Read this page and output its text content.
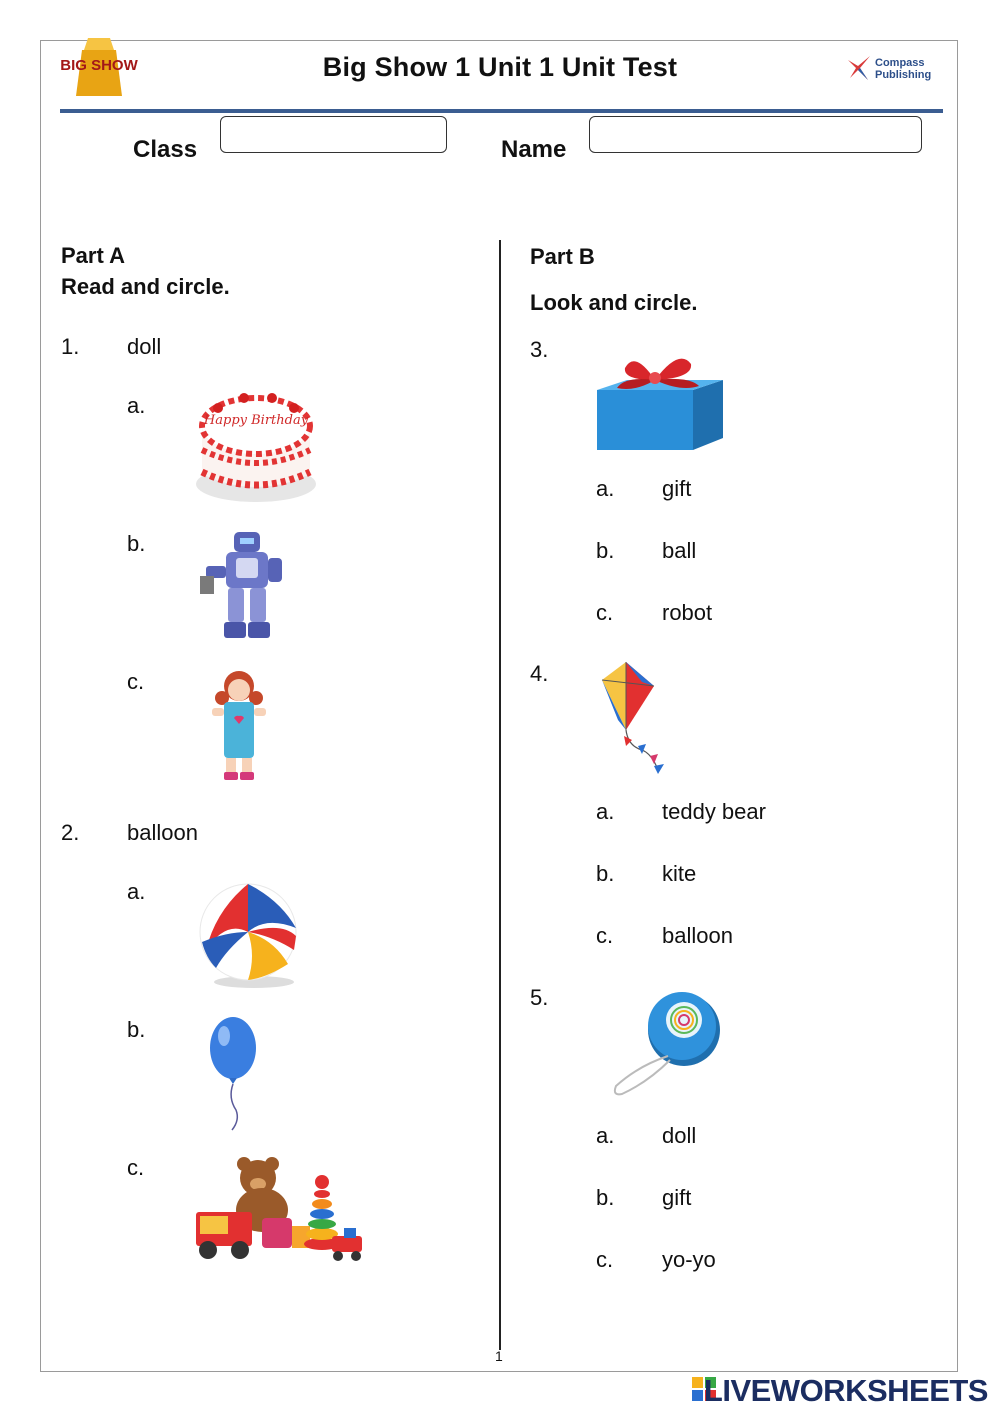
BIG SHOW	Compass
Publishing
Big Show 1 Unit 1 Unit Test
Class	Name
Part A
Read and circle.
1. doll
a.
Happy Birthday
b.
c.
2. balloon
a.
b.
c.
Part B
Look and circle.
3.
a. gift
b. ball
c. robot
4.
a. teddy bear
b. kite
c. balloon
5.
a. doll
b. gift
c. yo-yo
1
LIVEWORKSHEETS
